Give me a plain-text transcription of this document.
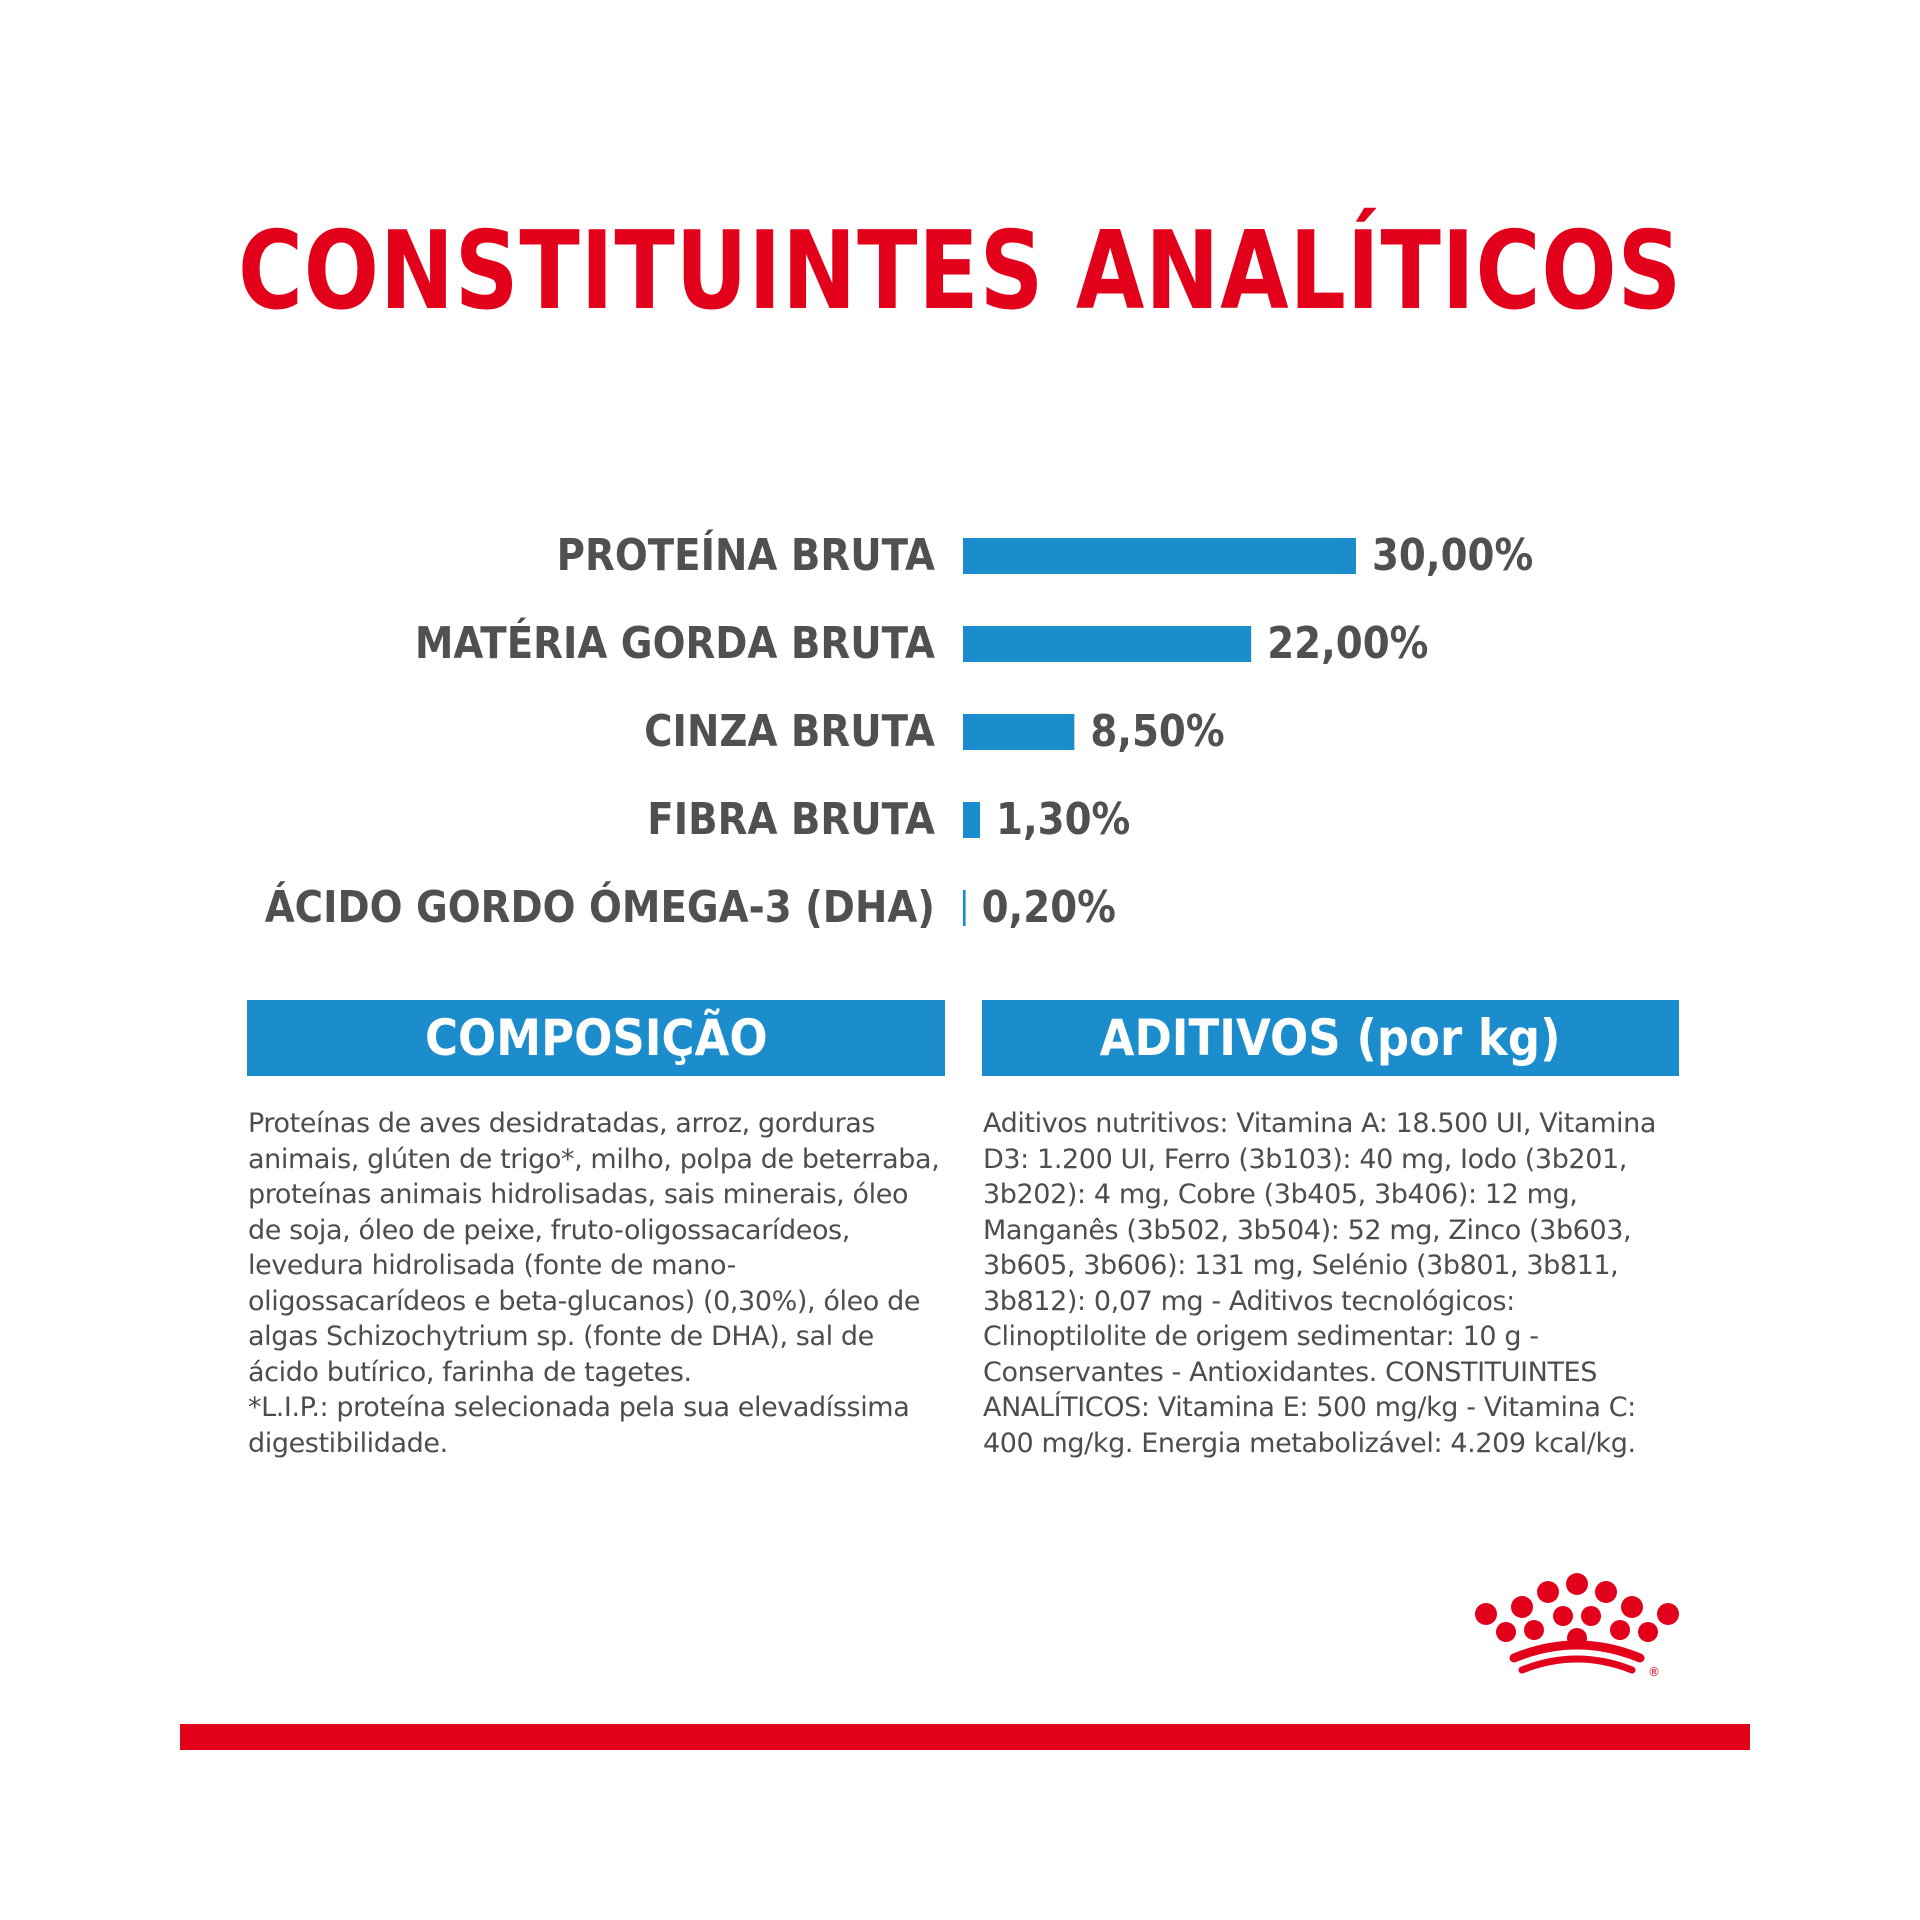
CONSTITUINTES ANALÍTICOS
PROTEÍNA BRUTA	30,00%
MATÉRIA GORDA BRUTA	22,00%
CINZA BRUTA	8,50%
FIBRA BRUTA 1,30%
ÁCIDO GORDO ÓMEGA-3 (DHA) 0,20%
COMPOSIÇÃO

Proteínas de aves desidratadas, arroz, gorduras animais, glúten de trigo*, milho, polpa de beterraba, proteínas animais hidrolisadas, sais minerais, óleo de soja, óleo de peixe, fruto-oligossacarídeos, levedura hidrolisada (fonte de mano-oligossacarídeos e beta-glucanos) (0,30%), óleo de algas Schizochytrium sp. (fonte de DHA), sal de ácido butírico, farinha de tagetes.

*L.I.P.: proteína selecionada pela sua elevadíssima digestibilidade.

ADITIVOS (por kg)

Aditivos nutritivos: Vitamina A: 18.500 UI, Vitamina D3: 1.200 UI, Ferro (3b103): 40 mg, Iodo (3b201, 3b202): 4 mg, Cobre (3b405, 3b406): 12 mg, Manganês (3b502, 3b504): 52 mg, Zinco (3b603, 3b605, 3b606): 131 mg, Selénio (3b801, 3b811, 3b812): 0,07 mg - Aditivos tecnológicos: Clinoptilolite de origem sedimentar: 10 g - Conservantes - Antioxidantes. CONSTITUINTES ANALÍTICOS: Vitamina E: 500 mg/kg - Vitamina C: 400 mg/kg. Energia metabolizável: 4.209 kcal/kg.

®
